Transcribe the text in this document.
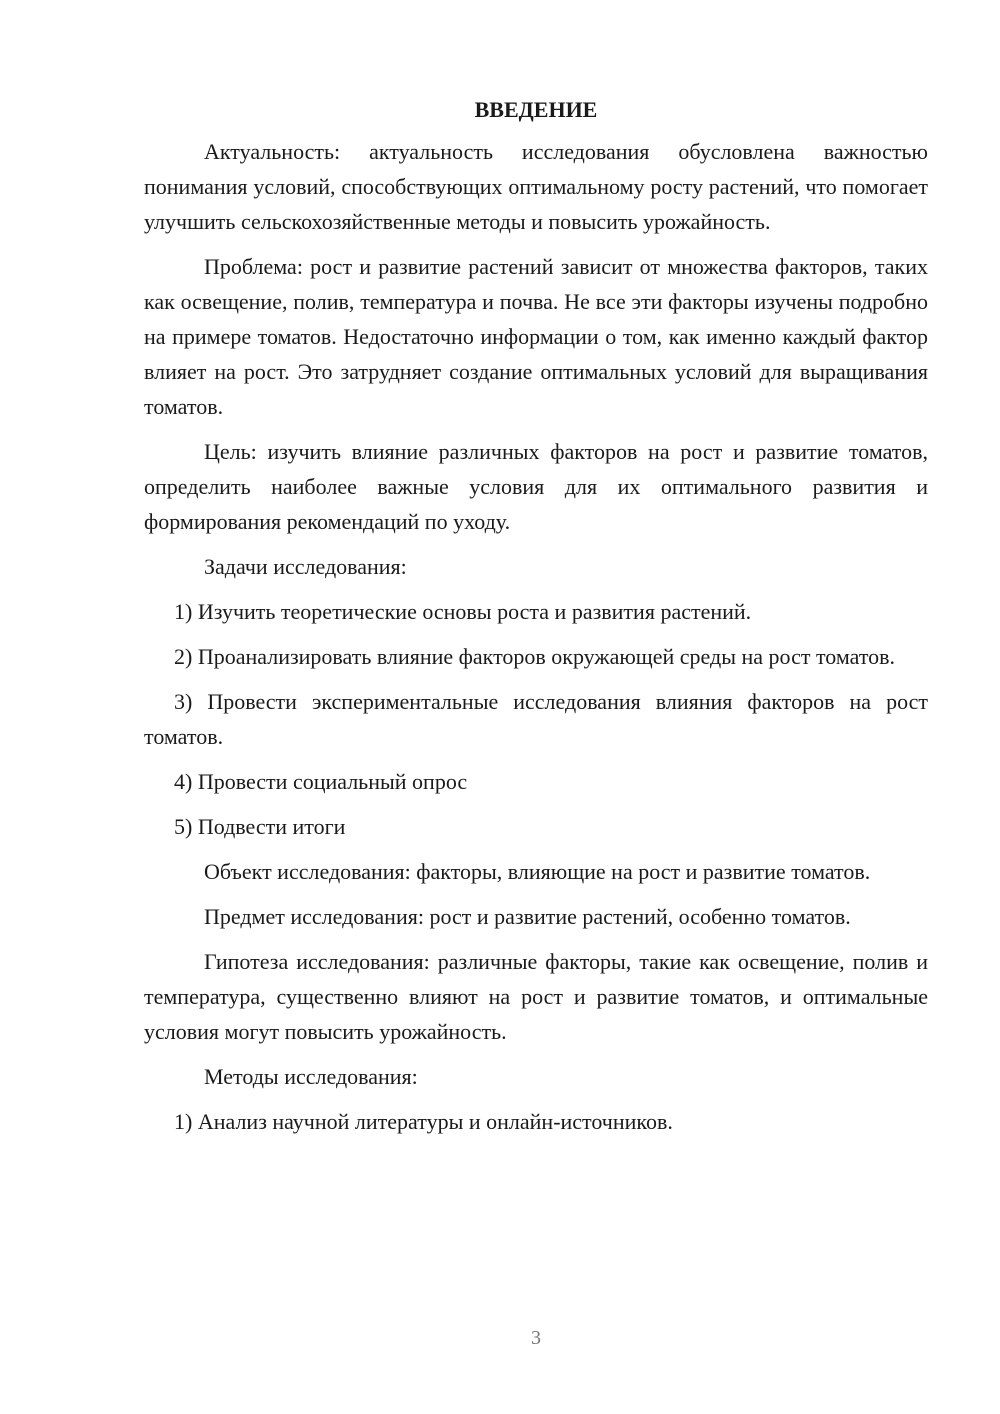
ВВЕДЕНИЕ

Актуальность: актуальность исследования обусловлена важностью понимания условий, способствующих оптимальному росту растений, что помогает улучшить сельскохозяйственные методы и повысить урожайность.

Проблема: рост и развитие растений зависит от множества факторов, таких как освещение, полив, температура и почва. Не все эти факторы изучены подробно на примере томатов. Недостаточно информации о том, как именно каждый фактор влияет на рост. Это затрудняет создание оптимальных условий для выращивания томатов.

Цель: изучить влияние различных факторов на рост и развитие томатов, определить наиболее важные условия для их оптимального развития и формирования рекомендаций по уходу.

Задачи исследования:

1) Изучить теоретические основы роста и развития растений.

2) Проанализировать влияние факторов окружающей среды на рост томатов.

3) Провести экспериментальные исследования влияния факторов на рост томатов.

4) Провести социальный опрос

5) Подвести итоги

Объект исследования: факторы, влияющие на рост и развитие томатов.

Предмет исследования: рост и развитие растений, особенно томатов.

Гипотеза исследования: различные факторы, такие как освещение, полив и температура, существенно влияют на рост и развитие томатов, и оптимальные условия могут повысить урожайность.

Методы исследования:

1) Анализ научной литературы и онлайн-источников.

3
